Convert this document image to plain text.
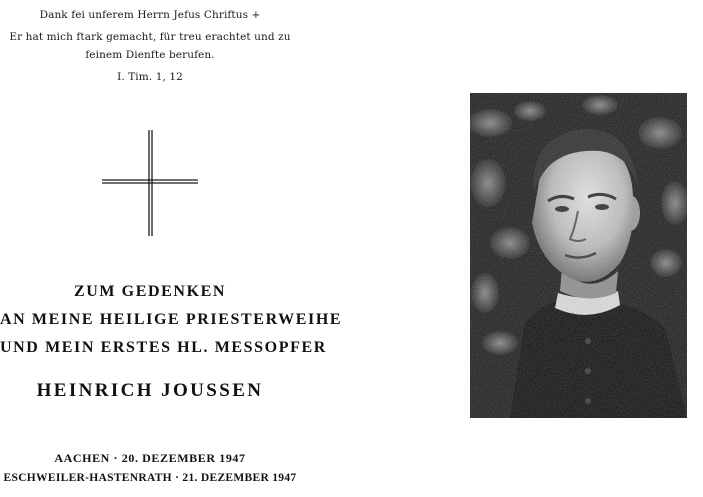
Dank fei unferem Herrn Jefus Chriftus +
Er hat mich ftark gemacht, für treu erachtet und zu
feinem Dienfte berufen.
I. Tim. 1, 12
ZUM GEDENKEN
AN MEINE HEILIGE PRIESTERWEIHE
UND MEIN ERSTES HL. MESSOPFER
HEINRICH JOUSSEN
AACHEN · 20. DEZEMBER 1947
ESCHWEILER-HASTENRATH · 21. DEZEMBER 1947
